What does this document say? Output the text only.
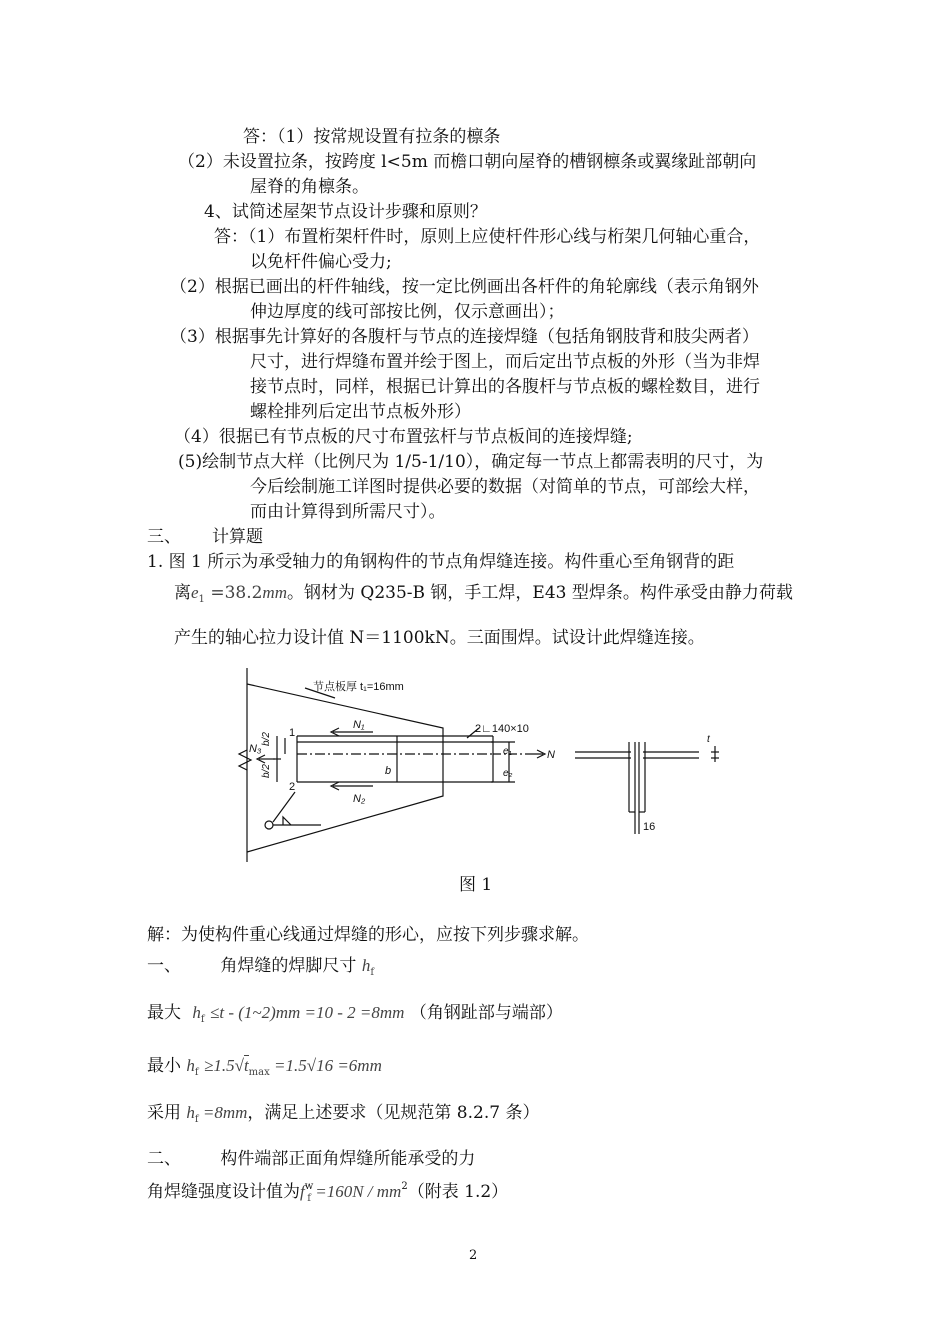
答：（1）按常规设置有拉条的檩条
（2）未设置拉条，按跨度 l<5m 而檐口朝向屋脊的槽钢檩条或翼缘趾部朝向
屋脊的角檩条。
4、试简述屋架节点设计步骤和原则？
答：（1）布置桁架杆件时，原则上应使杆件形心线与桁架几何轴心重合，
以免杆件偏心受力;
（2）根据已画出的杆件轴线，按一定比例画出各杆件的角轮廓线（表示角钢外
伸边厚度的线可部按比例，仅示意画出）；
（3）根据事先计算好的各腹杆与节点的连接焊缝（包括角钢肢背和肢尖两者）
尺寸，进行焊缝布置并绘于图上，而后定出节点板的外形（当为非焊
接节点时，同样，根据已计算出的各腹杆与节点板的螺栓数目，进行
螺栓排列后定出节点板外形）
（4）很据已有节点板的尺寸布置弦杆与节点板间的连接焊缝;
(5)绘制节点大样（比例尺为 1/5-1/10），确定每一节点上都需表明的尺寸，为
今后绘制施工详图时提供必要的数据（对简单的节点，可部绘大样，
而由计算得到所需尺寸）。
三、 计算题
1. 图 1 所示为承受轴力的角钢构件的节点角焊缝连接。构件重心至角钢背的距
离$e_1 =38.2mm$。钢材为 Q235-B 钢，手工焊，E43 型焊条。构件承受由静力荷载
产生的轴心拉力设计值 N＝1100kN。三面围焊。试设计此焊缝连接。
节点板厚 t₁=16mm
2∟140×10
N₁
N₂
N₃	N
1
2
b
b/2
b/2
e₁
e₂
16
t
图 1
解：为使构件重心线通过焊缝的形心，应按下列步骤求解。
一、 角焊缝的焊脚尺寸 $h_f$
最大 $h_f \le t$ - (1~2)mm =10 - 2 =8mm （角钢趾部与端部）
最小 $h_f \ge 1.5√t_{max} =1.5√16 =6mm$
采用 $h_f =8mm$，满足上述要求（见规范第 8.2.7 条）
二、 构件端部正面角焊缝所能承受的力
角焊缝强度设计值为$f^w_f =160N / mm^2$（附表 1.2）
2
